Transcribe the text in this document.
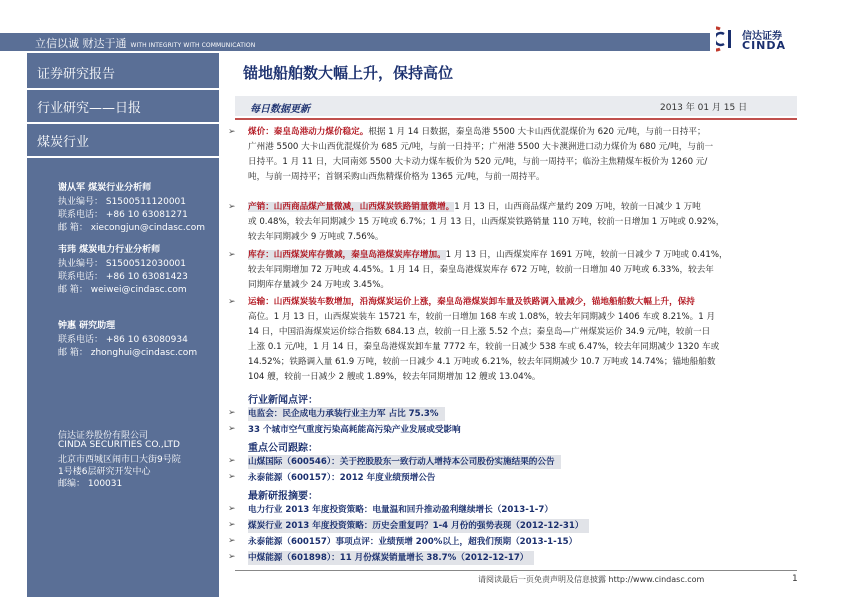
立信以诚 财达于通 WITH INTEGRITY WITH COMMUNICATION
信达证券
CINDA
证券研究报告
行业研究——日报
煤炭行业
谢从军 煤炭行业分析师
执业编号： S1500511120001
联系电话： +86 10 63081271
邮 箱： xiecongjun@cindasc.com
韦玮 煤炭电力行业分析师
执业编号： S1500512030001
联系电话： +86 10 63081423
邮 箱： weiwei@cindasc.com
钟惠 研究助理
联系电话： +86 10 63080934
邮 箱： zhonghui@cindasc.com
信达证券股份有限公司
CINDA SECURITIES CO.,LTD
北京市西城区闹市口大街9号院
1号楼6层研究开发中心
邮编： 100031
锚地船舶数大幅上升，保持高位
每日数据更新	2013 年 01 月 15 日
➢ 煤价：秦皇岛港动力煤价稳定。根据 1 月 14 日数据，秦皇岛港 5500 大卡山西优混煤价为 620 元/吨，与前一日持平；
广州港 5500 大卡山西优混煤价为 685 元/吨，与前一日持平；广州港 5500 大卡澳洲进口动力煤价为 680 元/吨，与前一
日持平。1 月 11 日，大同南郊 5500 大卡动力煤车板价为 520 元/吨，与前一周持平；临汾主焦精煤车板价为 1260 元/
吨，与前一周持平；首钢采购山西焦精煤价格为 1365 元/吨，与前一周持平。
➢ 产销：山西商品煤产量微减，山西煤炭铁路销量微增。1 月 13 日，山西商品煤产量约 209 万吨，较前一日减少 1 万吨
或 0.48%，较去年同期减少 15 万吨或 6.7%；1 月 13 日，山西煤炭铁路销量 110 万吨，较前一日增加 1 万吨或 0.92%，
较去年同期减少 9 万吨或 7.56%。
➢ 库存：山西煤炭库存微减，秦皇岛港煤炭库存增加。1 月 13 日，山西煤炭库存 1691 万吨，较前一日减少 7 万吨或 0.41%，
较去年同期增加 72 万吨或 4.45%。1 月 14 日，秦皇岛港煤炭库存 672 万吨，较前一日增加 40 万吨或 6.33%，较去年
同期库存量减少 24 万吨或 3.45%。
➢ 运输：山西煤炭装车数增加，沿海煤炭运价上涨，秦皇岛港煤炭卸车量及铁路调入量减少，锚地船舶数大幅上升，保持
高位。1 月 13 日，山西煤炭装车 15721 车，较前一日增加 168 车或 1.08%，较去年同期减少 1406 车或 8.21%。1 月
14 日，中国沿海煤炭运价综合指数 684.13 点，较前一日上涨 5.52 个点；秦皇岛—广州煤炭运价 34.9 元/吨，较前一日
上涨 0.1 元/吨，1 月 14 日，秦皇岛港煤炭卸车量 7772 车，较前一日减少 538 车或 6.47%，较去年同期减少 1320 车或
14.52%；铁路调入量 61.9 万吨，较前一日减少 4.1 万吨或 6.21%，较去年同期减少 10.7 万吨或 14.74%；锚地船舶数
104 艘，较前一日减少 2 艘或 1.89%，较去年同期增加 12 艘或 13.04%。
行业新闻点评：
➢ 电监会：民企成电力承装行业主力军 占比 75.3%
➢ 33 个城市空气重度污染高耗能高污染产业发展或受影响
重点公司跟踪：
➢ 山煤国际（600546）：关于控股股东一致行动人增持本公司股份实施结果的公告
➢ 永泰能源（600157）：2012 年度业绩预增公告
最新研报摘要：
➢ 电力行业 2013 年度投资策略：电量温和回升推动盈利继续增长（2013-1-7）
➢ 煤炭行业 2013 年度投资策略：历史会重复吗？1-4 月份的强势表现（2012-12-31）
➢ 永泰能源（600157）事项点评：业绩预增 200%以上，超我们预期（2013-1-15）
➢ 中煤能源（601898）：11 月份煤炭销量增长 38.7%（2012-12-17）
请阅读最后一页免责声明及信息披露 http://www.cindasc.com	1
